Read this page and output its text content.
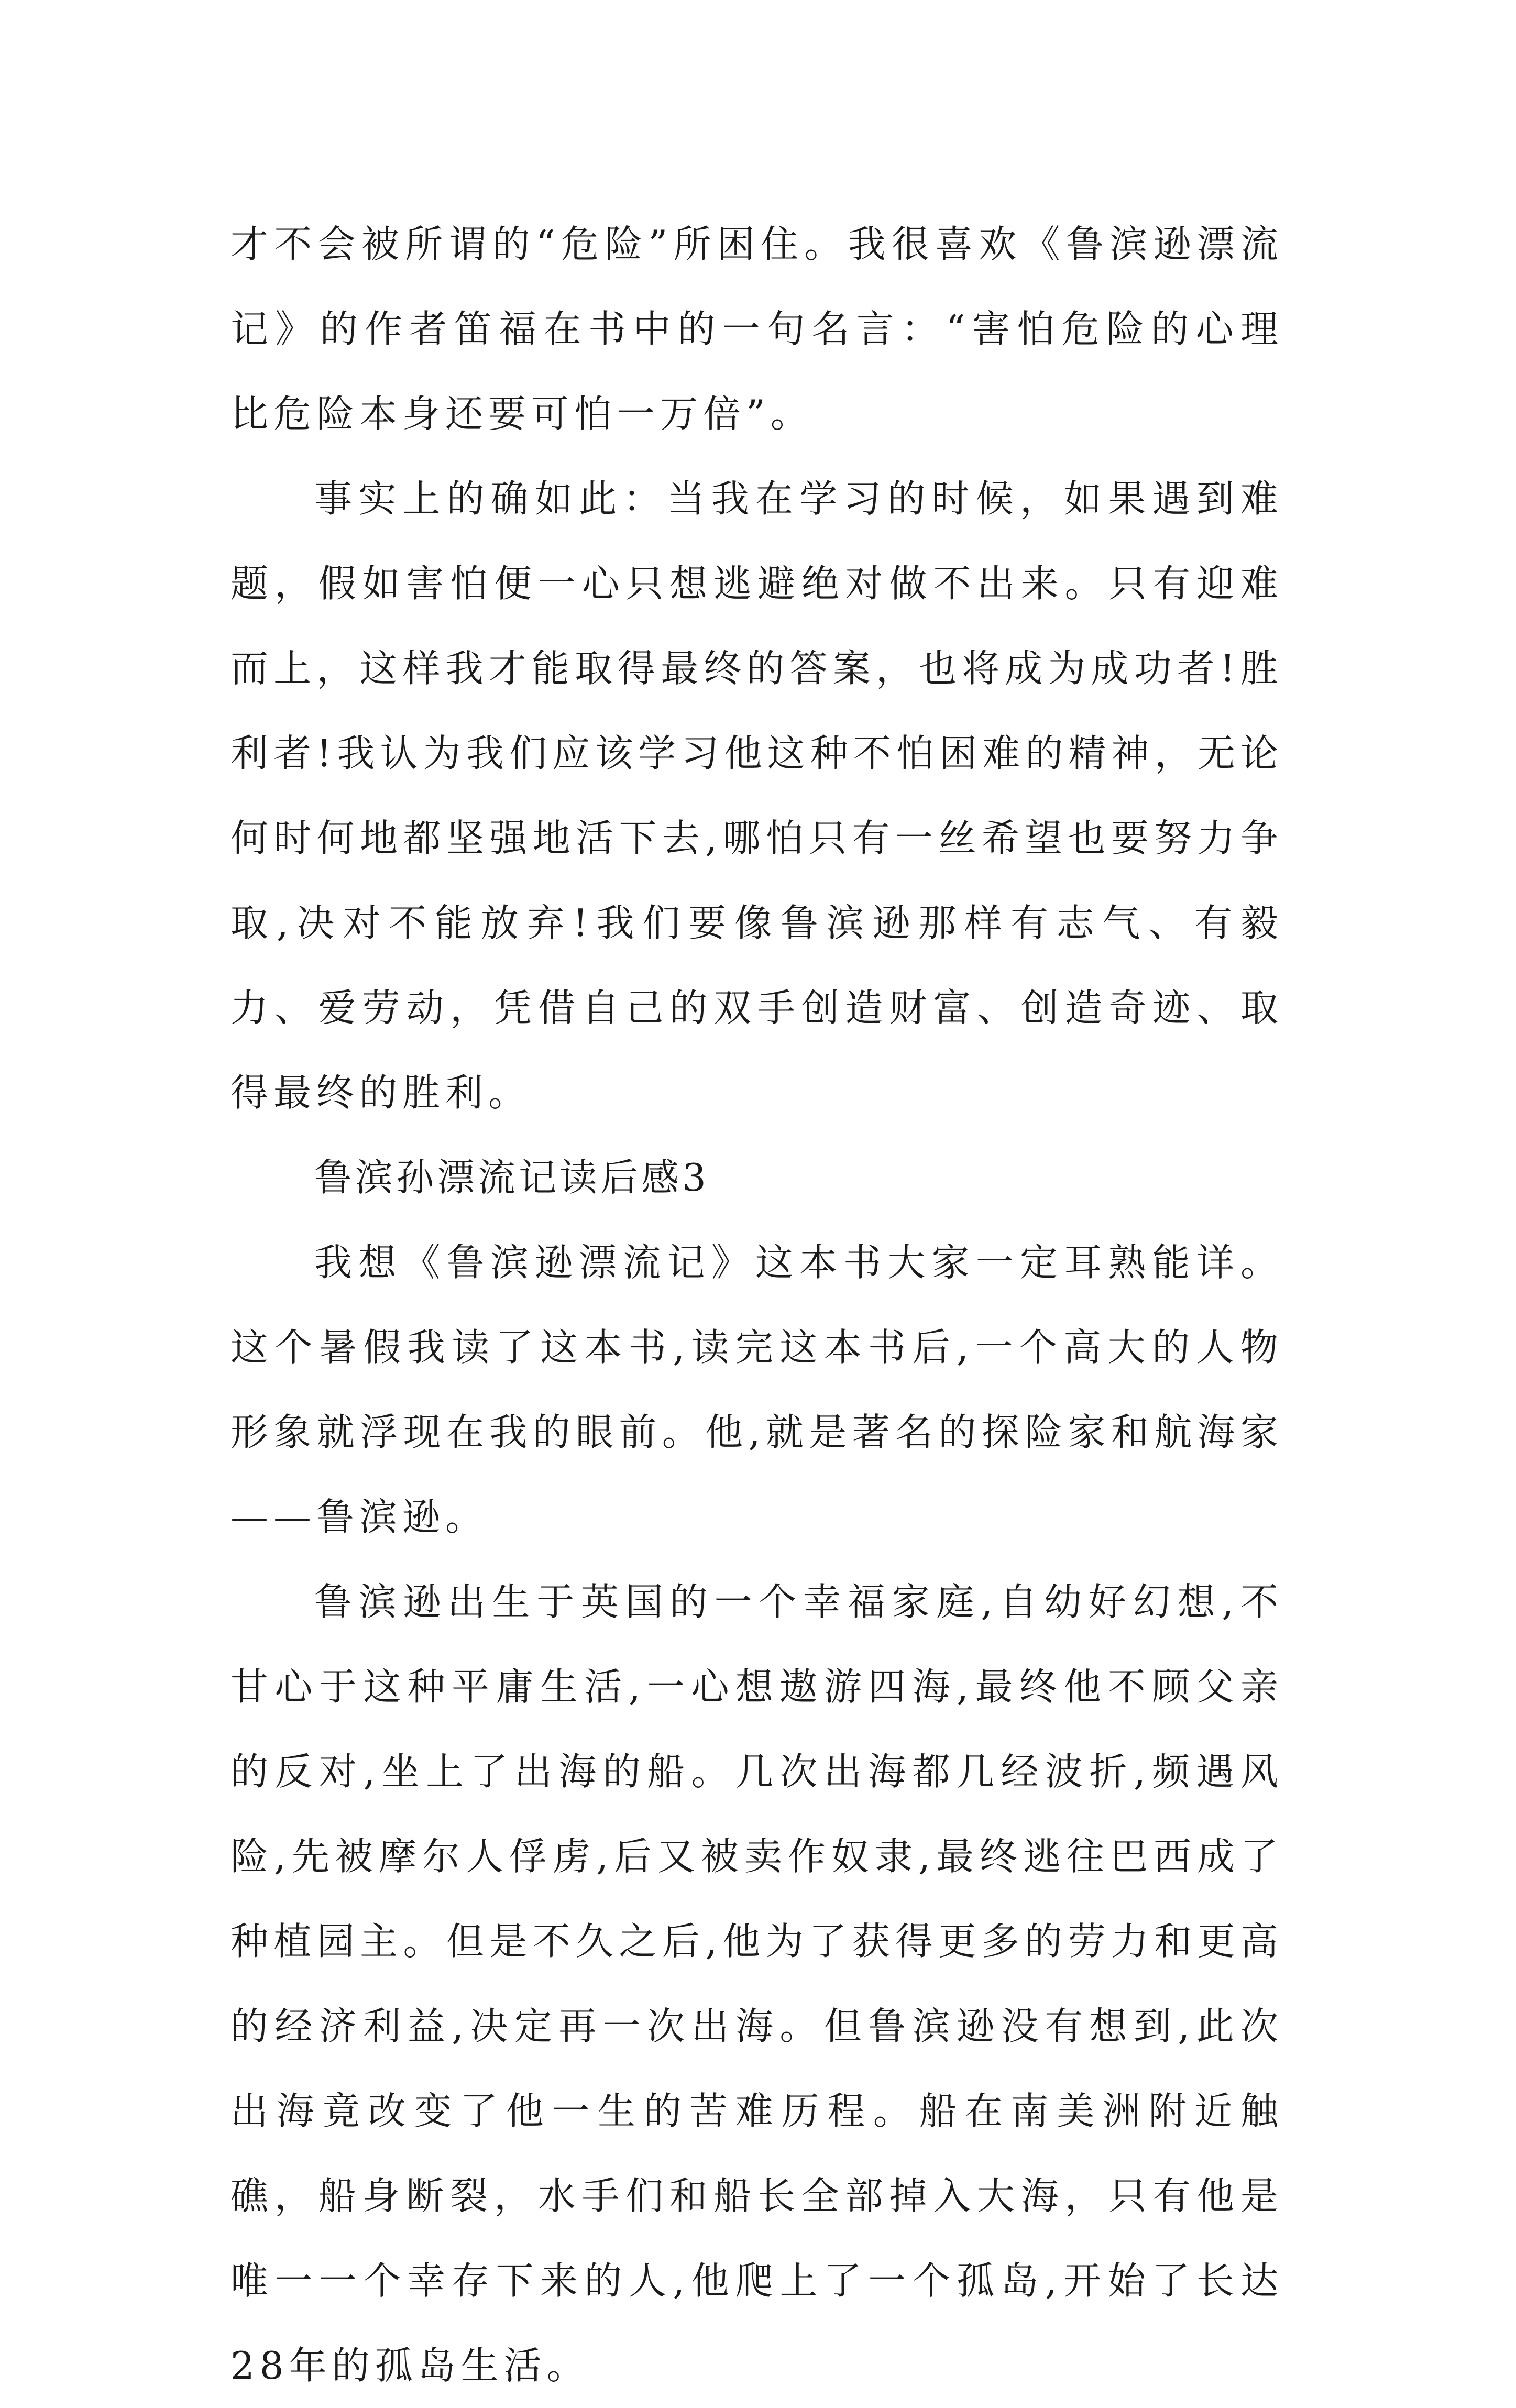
才不会被所谓的“危险”所困住。我很喜欢《鲁滨逊漂流记》的作者笛福在书中的一句名言：“害怕危险的心理比危险本身还要可怕一万倍”。

事实上的确如此：当我在学习的时候，如果遇到难题，假如害怕便一心只想逃避绝对做不出来。只有迎难而上，这样我才能取得最终的答案，也将成为成功者!胜利者!我认为我们应该学习他这种不怕困难的精神，无论何时何地都坚强地活下去,哪怕只有一丝希望也要努力争取,决对不能放弃!我们要像鲁滨逊那样有志气、有毅力、爱劳动，凭借自己的双手创造财富、创造奇迹、取得最终的胜利。

鲁滨孙漂流记读后感3

我想《鲁滨逊漂流记》这本书大家一定耳熟能详。这个暑假我读了这本书,读完这本书后,一个高大的人物形象就浮现在我的眼前。他,就是著名的探险家和航海家——鲁滨逊。

鲁滨逊出生于英国的一个幸福家庭,自幼好幻想,不甘心于这种平庸生活,一心想遨游四海,最终他不顾父亲的反对,坐上了出海的船。几次出海都几经波折,频遇风险,先被摩尔人俘虏,后又被卖作奴隶,最终逃往巴西成了种植园主。但是不久之后,他为了获得更多的劳力和更高的经济利益,决定再一次出海。但鲁滨逊没有想到,此次出海竟改变了他一生的苦难历程。船在南美洲附近触礁，船身断裂，水手们和船长全部掉入大海，只有他是唯一一个幸存下来的人,他爬上了一个孤岛,开始了长达28年的孤岛生活。
